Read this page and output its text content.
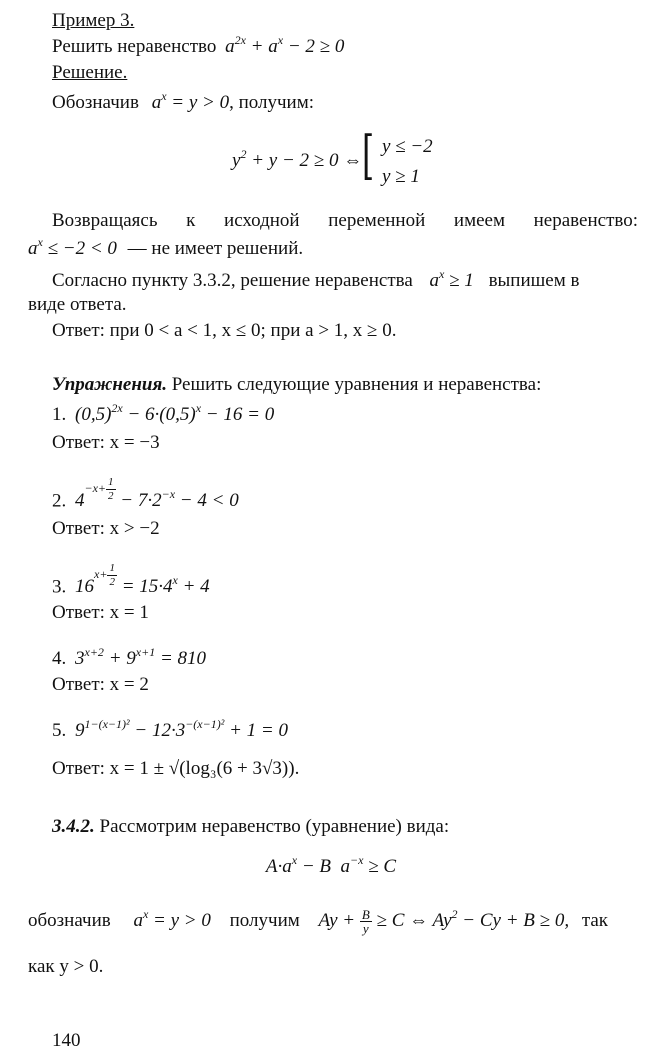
Пример 3.
Решить неравенство $a^{2x} + a^x - 2 \ge 0$
Решение.
Обозначив $a^x = y > 0$, получим:
$y^2 + y - 2 \ge 0$ ⇔ [ y ≤ −2
y ≥ 1
Возвращаясь к исходной переменной имеем неравенство:
$a^x \le -2 < 0$ — не имеет решений.
Согласно пункту 3.3.2, решение неравенства $a^x \ge 1$ выпишем в
виде ответа.
Ответ: при 0 < a < 1, x ≤ 0; при a > 1, x ≥ 0.
Упражнения. Решить следующие уравнения и неравенства:
1. $(0,5)^{2x} - 6\cdot(0,5)^x - 16 = 0$
Ответ: x = −3
2. $4^{-x+ \frac{1}{2}} - 7\cdot 2^{-x} - 4 < 0$
Ответ: x > −2
3. $16^{x+ \frac{1}{2}} = 15\cdot 4^x + 4$
Ответ: x = 1
4. $3^{x+2} + 9^{x+1} = 810$
Ответ: x = 2
5. $9^{1-(x-1)^2} - 12\cdot 3^{-(x-1)^2} + 1 = 0$
Ответ: x = 1 ± √(log₃(6 + 3√3)).
3.4.2. Рассмотрим неравенство (уравнение) вида:
$A\cdot a^x - B$  $a^{-x} \ge C$
обозначив $a^x = y > 0$ получим $Ay + \frac{B}{y} \ge C$ ⇔ $Ay^2 - Cy + B \ge 0$, так
как y > 0.
140
